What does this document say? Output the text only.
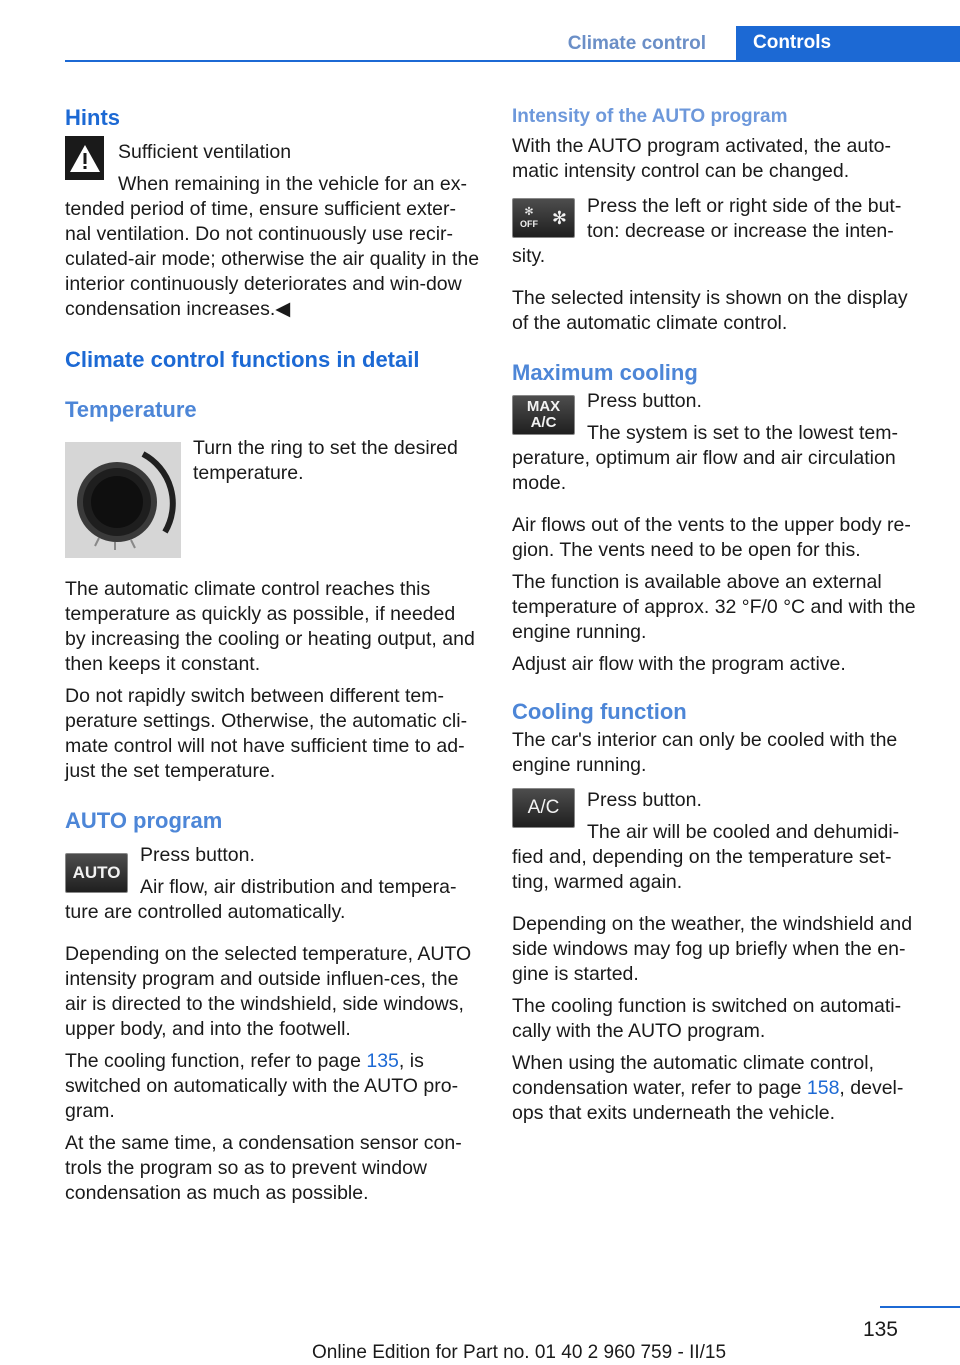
Climate control	Controls
Hints

Sufficient ventilation

When remaining in the vehicle for an ex-tended period of time, ensure sufficient exter-nal ventilation. Do not continuously use recir-culated-air mode; otherwise the air quality in the interior continuously deteriorates and win-dow condensation increases.◀

Climate control functions in detail
Temperature

Turn the ring to set the desired temperature.

The automatic climate control reaches this temperature as quickly as possible, if needed by increasing the cooling or heating output, and then keeps it constant.

Do not rapidly switch between different tem-perature settings. Otherwise, the automatic cli-mate control will not have sufficient time to ad-just the set temperature.

AUTO program
AUTO

Press button.

Air flow, air distribution and tempera-ture are controlled automatically.

Depending on the selected temperature, AUTO intensity program and outside influen-ces, the air is directed to the windshield, side windows, upper body, and into the footwell.

The cooling function, refer to page 135, is switched on automatically with the AUTO pro-gram.

At the same time, a condensation sensor con-trols the program so as to prevent window condensation as much as possible.

Intensity of the AUTO program

With the AUTO program activated, the auto-matic intensity control can be changed.

✻
OFF ✻

Press the left or right side of the but-ton: decrease or increase the inten-sity.

The selected intensity is shown on the display of the automatic climate control.

Maximum cooling
MAX
A/C

Press button.

The system is set to the lowest tem-perature, optimum air flow and air circulation mode.

Air flows out of the vents to the upper body re-gion. The vents need to be open for this.

The function is available above an external temperature of approx. 32 °F/0 °C and with the engine running.

Adjust air flow with the program active.

Cooling function

The car's interior can only be cooled with the engine running.

A/C	Press button.

The air will be cooled and dehumidi-fied and, depending on the temperature set-ting, warmed again.

Depending on the weather, the windshield and side windows may fog up briefly when the en-gine is started.

The cooling function is switched on automati-cally with the AUTO program.

When using the automatic climate control, condensation water, refer to page 158, devel-ops that exits underneath the vehicle.

135
Online Edition for Part no. 01 40 2 960 759 - II/15
